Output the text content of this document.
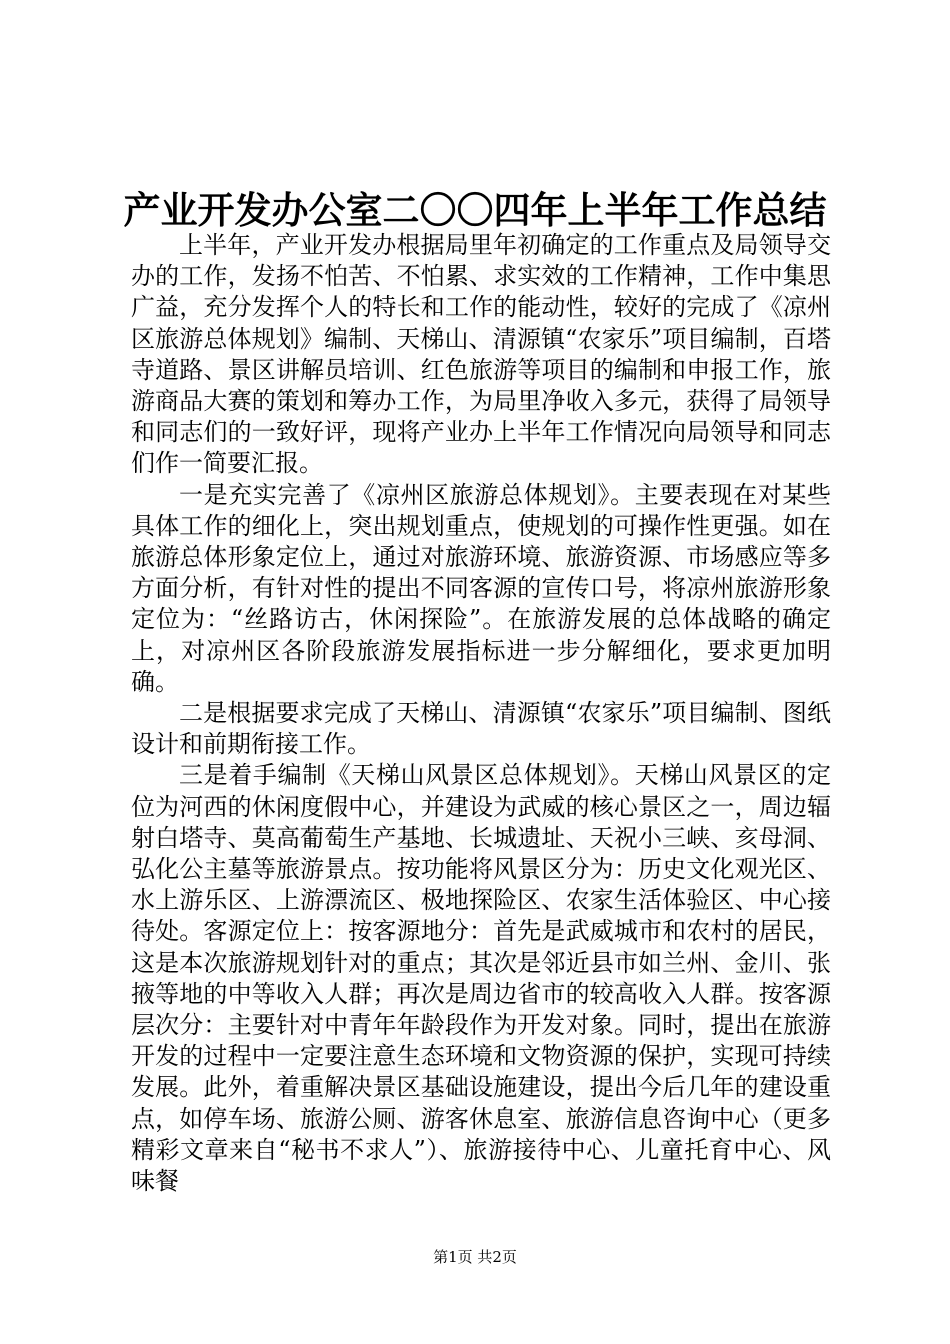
产业开发办公室二〇〇四年上半年工作总结

上半年，产业开发办根据局里年初确定的工作重点及局领导交办的工作，发扬不怕苦、不怕累、求实效的工作精神，工作中集思广益，充分发挥个人的特长和工作的能动性，较好的完成了《凉州区旅游总体规划》编制、天梯山、清源镇“农家乐”项目编制，百塔寺道路、景区讲解员培训、红色旅游等项目的编制和申报工作，旅游商品大赛的策划和筹办工作，为局里净收入多元，获得了局领导和同志们的一致好评，现将产业办上半年工作情况向局领导和同志们作一简要汇报。

一是充实完善了《凉州区旅游总体规划》。主要表现在对某些具体工作的细化上，突出规划重点，使规划的可操作性更强。如在旅游总体形象定位上，通过对旅游环境、旅游资源、市场感应等多方面分析，有针对性的提出不同客源的宣传口号，将凉州旅游形象定位为：“丝路访古，休闲探险”。在旅游发展的总体战略的确定上，对凉州区各阶段旅游发展指标进一步分解细化，要求更加明确。

二是根据要求完成了天梯山、清源镇“农家乐”项目编制、图纸设计和前期衔接工作。

三是着手编制《天梯山风景区总体规划》。天梯山风景区的定位为河西的休闲度假中心，并建设为武威的核心景区之一，周边辐射白塔寺、莫高葡萄生产基地、长城遗址、天祝小三峡、亥母洞、弘化公主墓等旅游景点。按功能将风景区分为：历史文化观光区、水上游乐区、上游漂流区、极地探险区、农家生活体验区、中心接待处。客源定位上：按客源地分：首先是武威城市和农村的居民，这是本次旅游规划针对的重点；其次是邻近县市如兰州、金川、张掖等地的中等收入人群；再次是周边省市的较高收入人群。按客源层次分：主要针对中青年年龄段作为开发对象。同时，提出在旅游开发的过程中一定要注意生态环境和文物资源的保护，实现可持续发展。此外，着重解决景区基础设施建设，提出今后几年的建设重点，如停车场、旅游公厕、游客休息室、旅游信息咨询中心（更多精彩文章来自“秘书不求人”）、旅游接待中心、儿童托育中心、风味餐

第1页 共2页
